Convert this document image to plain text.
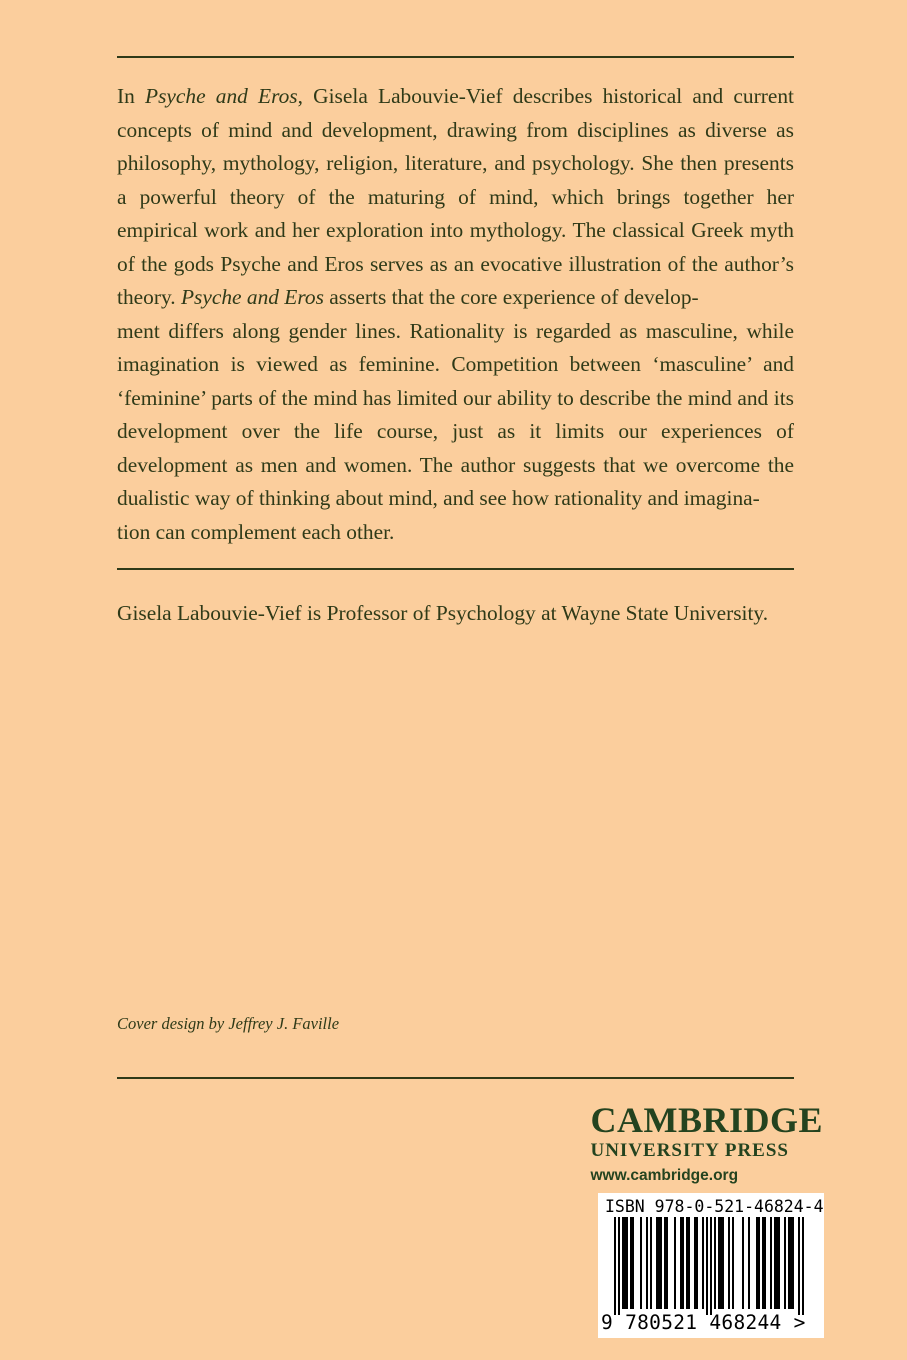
In Psyche and Eros, Gisela Labouvie-Vief describes historical and current concepts of mind and development, drawing from disciplines as diverse as philosophy, mythology, religion, literature, and psychology. She then presents a powerful theory of the maturing of mind, which brings together her empirical work and her exploration into mythology. The classical Greek myth of the gods Psyche and Eros serves as an evocative illustration of the author’s theory. Psyche and Eros asserts that the core experience of develop-
ment differs along gender lines. Rationality is regarded as masculine, while imagination is viewed as feminine. Competition between ‘masculine’ and ‘feminine’ parts of the mind has limited our ability to describe the mind and its development over the life course, just as it limits our experiences of development as men and women. The author suggests that we overcome the dualistic way of thinking about mind, and see how rationality and imagina-
tion can complement each other.

Gisela Labouvie-Vief is Professor of Psychology at Wayne State University.

Cover design by Jeffrey J. Faville

CAMBRIDGE
UNIVERSITY PRESS
www.cambridge.org
ISBN 978-0-521-46824-4
9 780521 468244 >
